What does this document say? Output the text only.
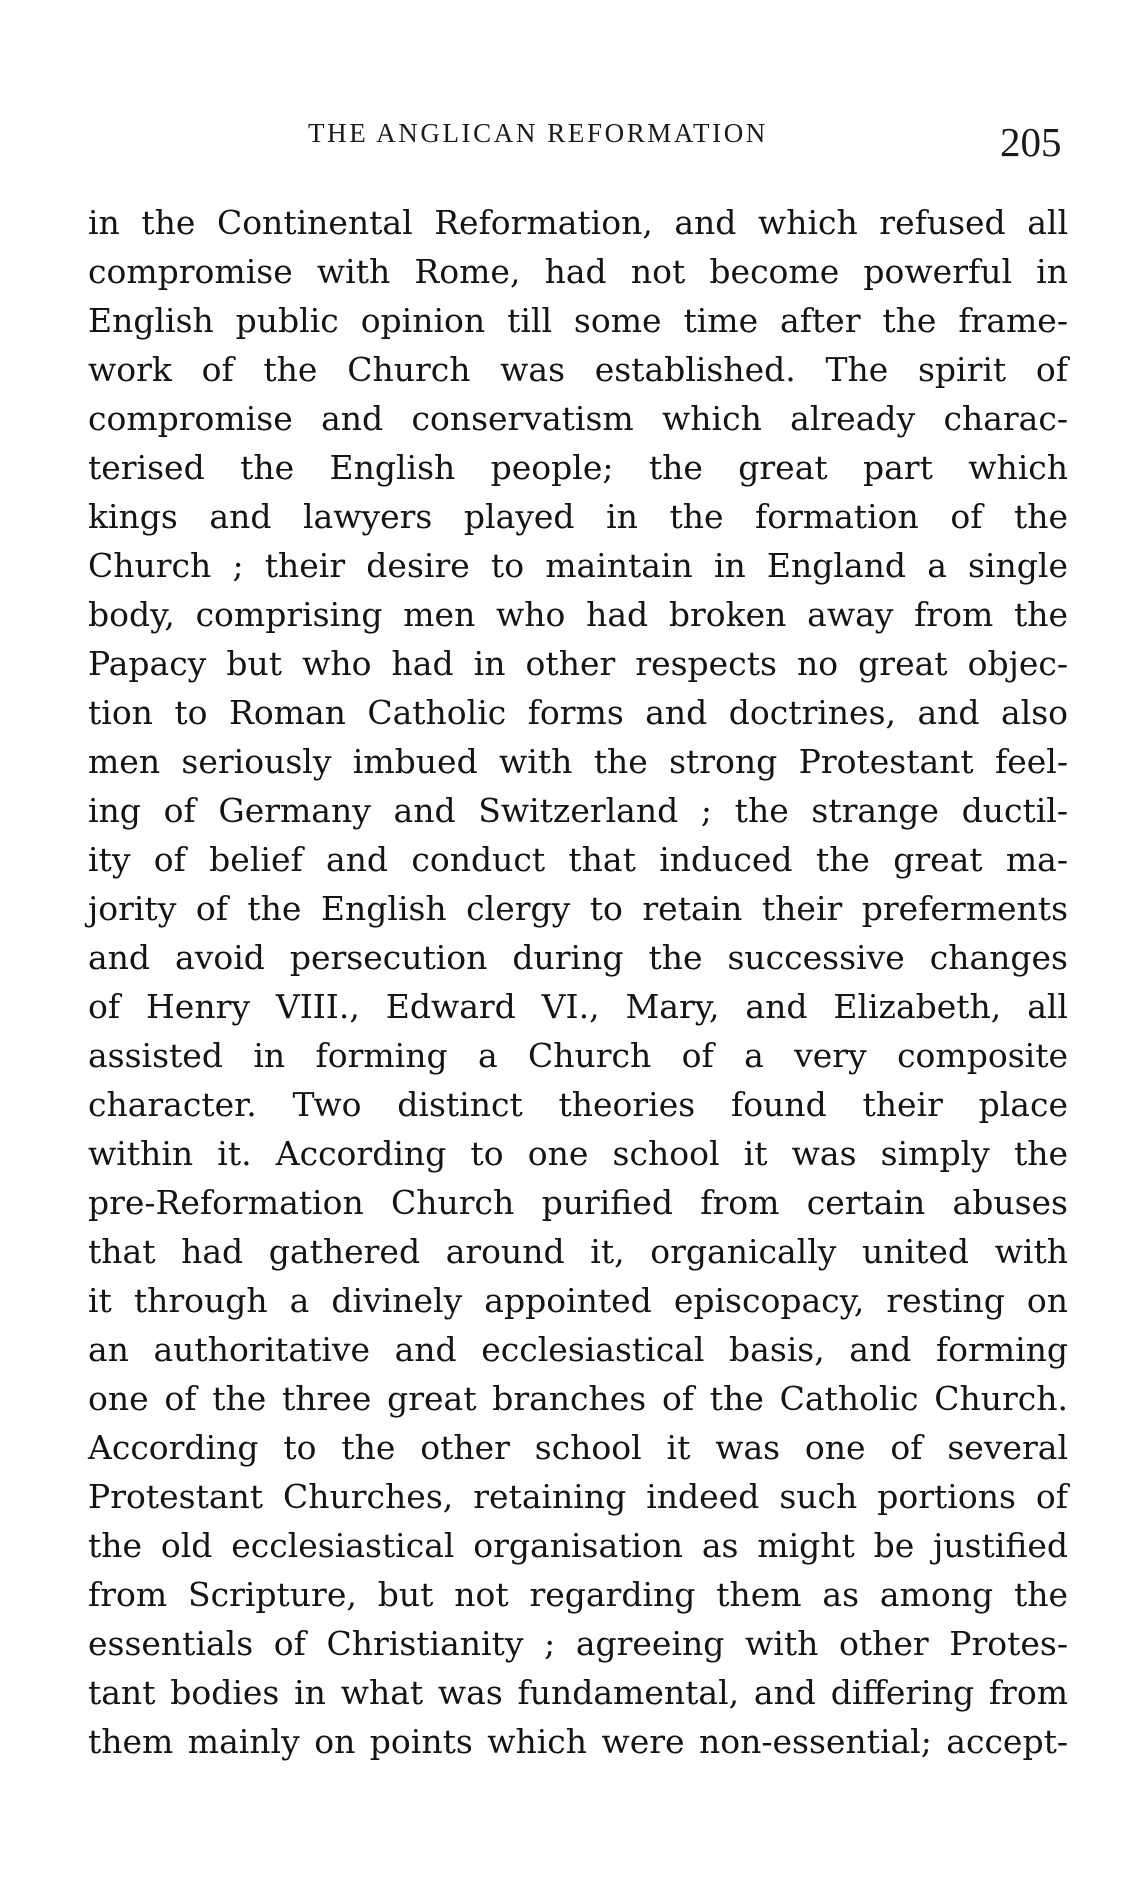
THE ANGLICAN REFORMATION	205
in the Continental Reformation, and which refused all
compromise with Rome, had not become powerful in
English public opinion till some time after the frame-
work of the Church was established. The spirit of
compromise and conservatism which already charac-
terised the English people; the great part which
kings and lawyers played in the formation of the
Church ; their desire to maintain in England a single
body, comprising men who had broken away from the
Papacy but who had in other respects no great objec-
tion to Roman Catholic forms and doctrines, and also
men seriously imbued with the strong Protestant feel-
ing of Germany and Switzerland ; the strange ductil-
ity of belief and conduct that induced the great ma-
jority of the English clergy to retain their preferments
and avoid persecution during the successive changes
of Henry VIII., Edward VI., Mary, and Elizabeth, all
assisted in forming a Church of a very composite
character. Two distinct theories found their place
within it. According to one school it was simply the
pre-Reformation Church purified from certain abuses
that had gathered around it, organically united with
it through a divinely appointed episcopacy, resting on
an authoritative and ecclesiastical basis, and forming
one of the three great branches of the Catholic Church.
According to the other school it was one of several
Protestant Churches, retaining indeed such portions of
the old ecclesiastical organisation as might be justified
from Scripture, but not regarding them as among the
essentials of Christianity ; agreeing with other Protes-
tant bodies in what was fundamental, and differing from
them mainly on points which were non-essential; accept-
